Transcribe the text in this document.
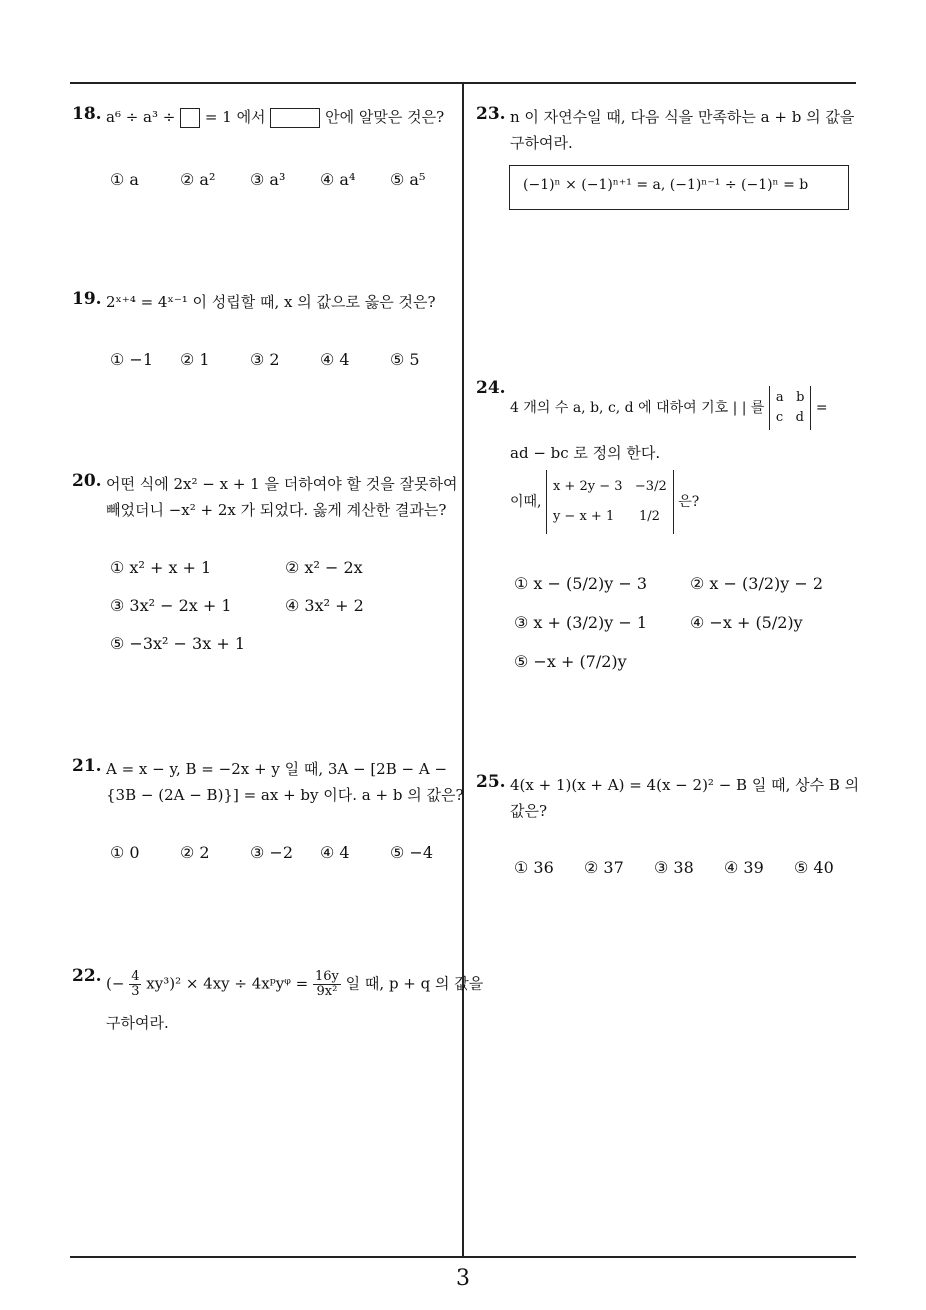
18. a⁶ ÷ a³ ÷ = 1 에서	안에 알맞은 것은?
① a	② a² ③ a³ ④ a⁴ ⑤ a⁵
19. 2ˣ⁺⁴ = 4ˣ⁻¹ 이 성립할 때, x 의 값으로 옳은 것은?
① −1 ② 1	③ 2	④ 4	⑤ 5
20. 어떤 식에 2x² − x + 1 을 더하여야 할 것을 잘못하여
빼었더니 −x² + 2x 가 되었다. 옳게 계산한 결과는?
① x² + x + 1	② x² − 2x
③ 3x² − 2x + 1	④ 3x² + 2
⑤ −3x² − 3x + 1
21. A = x − y, B = −2x + y 일 때, 3A − [2B − A −
{3B − (2A − B)}] = ax + by 이다. a + b 의 값은?
① 0	② 2	③ −2 ④ 4	⑤ −4
22. (− $\frac{4}{3} xy^3)^2 \times 4xy$ ÷ 4xᵖyᵠ = $\frac{16y}{\text{9x²}}$ 일 때, p + q 의 값을
구하여라.
23. n 이 자연수일 때, 다음 식을 만족하는 a + b 의 값을
구하여라.
(−1)ⁿ × (−1)ⁿ⁺¹ = a, (−1)ⁿ⁻¹ ÷ (−1)ⁿ = b
24.
4 개의 수 a, b, c, d 에 대하여 기호 | | 를 a b
c d =
ad − bc 로 정의 한다.
이때, x + 2y − 3 −3/2
y − x + 1 1/2 은?
① x − (5/2)y − 3	② x − (3/2)y − 2
③ x + (3/2)y − 1	④ −x + (5/2)y
⑤ −x + (7/2)y
25. 4(x + 1)(x + A) = 4(x − 2)² − B 일 때, 상수 B 의
값은?
① 36 ② 37 ③ 38 ④ 39 ⑤ 40
3
